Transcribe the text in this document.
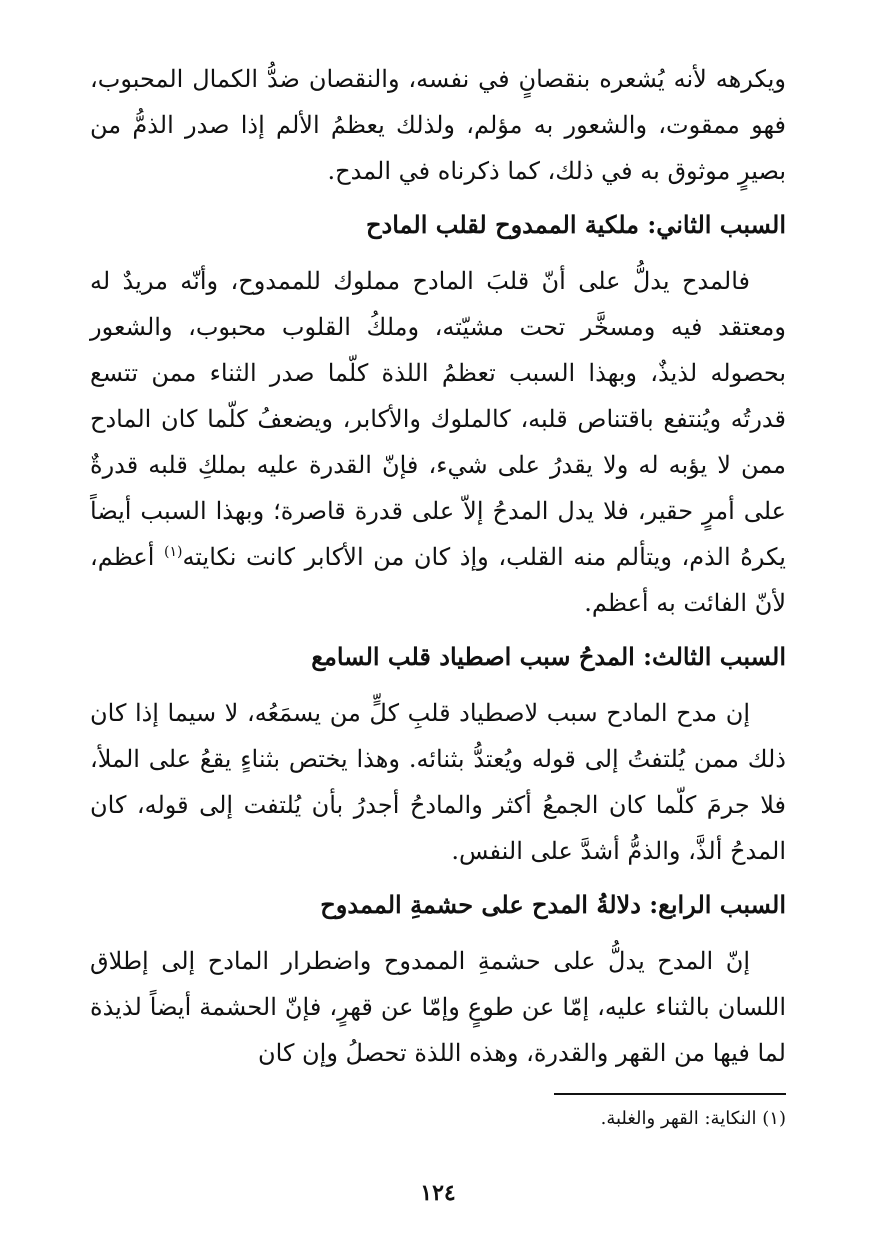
ويكرهه لأنه يُشعره بنقصانٍ في نفسه، والنقصان ضدُّ الكمال المحبوب، فهو ممقوت، والشعور به مؤلم، ولذلك يعظمُ الألم إذا صدر الذمُّ من بصيرٍ موثوق به في ذلك، كما ذكرناه في المدح.

السبب الثاني: ملكية الممدوح لقلب المادح

فالمدح يدلُّ على أنّ قلبَ المادح مملوك للممدوح، وأنّه مريدٌ له ومعتقد فيه ومسخَّر تحت مشيّته، وملكُ القلوب محبوب، والشعور بحصوله لذيذٌ، وبهذا السبب تعظمُ اللذة كلّما صدر الثناء ممن تتسع قدرتُه ويُنتفع باقتناص قلبه، كالملوك والأكابر، ويضعفُ كلّما كان المادح ممن لا يؤبه له ولا يقدرُ على شيء، فإنّ القدرة عليه بملكِ قلبه قدرةٌ على أمرٍ حقير، فلا يدل المدحُ إلاّ على قدرة قاصرة؛ وبهذا السبب أيضاً يكرهُ الذم، ويتألم منه القلب، وإذ كان من الأكابر كانت نكايته$^{(١)}$ أعظم، لأنّ الفائت به أعظم.

السبب الثالث: المدحُ سبب اصطياد قلب السامع

إن مدح المادح سبب لاصطياد قلبِ كلٍّ من يسمَعُه، لا سيما إذا كان ذلك ممن يُلتفتُ إلى قوله ويُعتدُّ بثنائه. وهذا يختص بثناءٍ يقعُ على الملأ، فلا جرمَ كلّما كان الجمعُ أكثر والمادحُ أجدرُ بأن يُلتفت إلى قوله، كان المدحُ ألذَّ، والذمُّ أشدَّ على النفس.

السبب الرابع: دلالةُ المدح على حشمةِ الممدوح

إنّ المدح يدلُّ على حشمةِ الممدوح واضطرار المادح إلى إطلاق اللسان بالثناء عليه، إمّا عن طوعٍ وإمّا عن قهرٍ، فإنّ الحشمة أيضاً لذيذة لما فيها من القهر والقدرة، وهذه اللذة تحصلُ وإن كان

(١) النكاية: القهر والغلبة.
١٢٤
